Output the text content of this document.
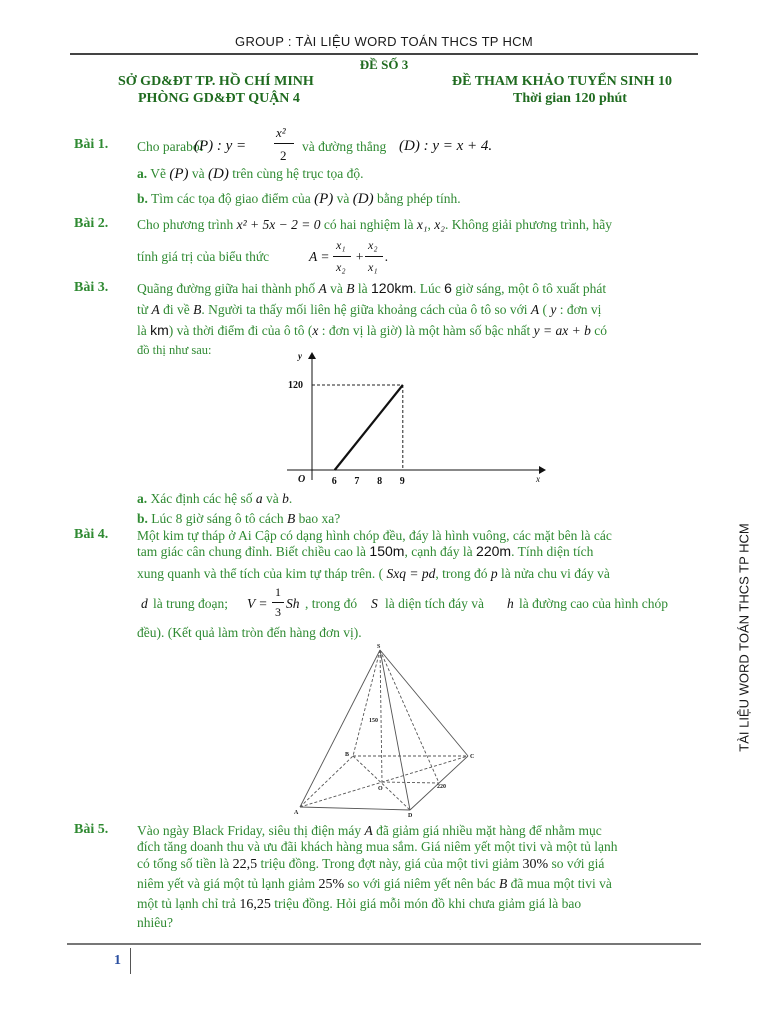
GROUP : TÀI LIỆU WORD TOÁN THCS TP HCM
ĐỀ SỐ 3
SỞ GD&ĐT TP. HỒ CHÍ MINH
PHÒNG GD&ĐT QUẬN 4
ĐỀ THAM KHẢO TUYỂN SINH 10
Thời gian 120 phút
Bài 1. Cho parabol
(P) : y =
x²
2
và đường thẳng (D) : y = x + 4.
a. Vẽ (P) và (D) trên cùng hệ trục tọa độ.
b. Tìm các tọa độ giao điểm của (P) và (D) bằng phép tính.
Bài 2. Cho phương trình x² + 5x − 2 = 0 có hai nghiệm là x₁, x₂. Không giải phương trình, hãy
tính giá trị của biểu thức	A =
x₁
x₂
+
x₂
x₁
.
Bài 3. Quãng đường giữa hai thành phố A và B là 120km. Lúc 6 giờ sáng, một ô tô xuất phát
từ A đi về B. Người ta thấy mối liên hệ giữa khoảng cách của ô tô so với A ( y : đơn vị
là km) và thời điểm đi của ô tô (x : đơn vị là giờ) là một hàm số bậc nhất y = ax + b có
đồ thị như sau:
6 7 8 9
120
O	x
y
a. Xác định các hệ số a và b.
b. Lúc 8 giờ sáng ô tô cách B bao xa?
Bài 4. Một kim tự tháp ở Ai Cập có dạng hình chóp đều, đáy là hình vuông, các mặt bên là các
tam giác cân chung đỉnh. Biết chiều cao là 150m, cạnh đáy là 220m. Tính diện tích
xung quanh và thể tích của kim tự tháp trên. ( Sxq = pd, trong đó p là nửa chu vi đáy và
d là trung đoạn; V =
1
3
Sh , trong đó S là diện tích đáy và h là đường cao của hình chóp
đều). (Kết quả làm tròn đến hàng đơn vị).
S
A
B	C
D
O
150
220
Bài 5. Vào ngày Black Friday, siêu thị điện máy A đã giảm giá nhiều mặt hàng để nhằm mục
đích tăng doanh thu và ưu đãi khách hàng mua sắm. Giá niêm yết một tivi và một tủ lạnh
có tổng số tiền là 22,5 triệu đồng. Trong đợt này, giá của một tivi giảm 30% so với giá
niêm yết và giá một tủ lạnh giảm 25% so với giá niêm yết nên bác B đã mua một tivi và
một tủ lạnh chỉ trả 16,25 triệu đồng. Hỏi giá mỗi món đồ khi chưa giảm giá là bao
nhiêu?
TÀI LIỆU WORD TOÁN THCS TP HCM
1
